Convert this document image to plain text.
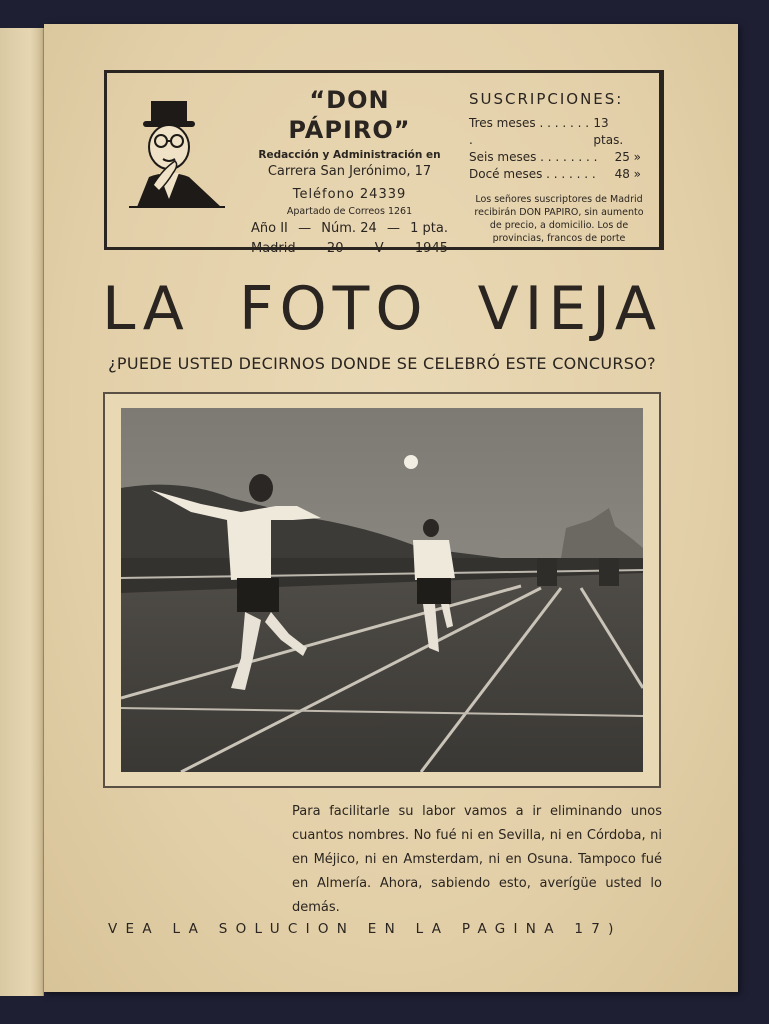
“DON PÁPIRO”
Redacción y Administración en
Carrera San Jerónimo, 17
Teléfono 24339
Apartado de Correos 1261
Año II — Núm. 24 — 1 pta.
Madrid - 20 - V - 1945
SUSCRIPCIONES:
Tres meses . . . . . . . .
13 ptas.
Seis meses . . . . . . . . 25 »
Docé meses . . . . . . . 48 »
Los señores suscriptores de Madrid recibirán DON PAPIRO, sin aumento de precio, a domicilio. Los de provincias, francos de porte
LA FOTO VIEJA
¿PUEDE USTED DECIRNOS DONDE SE CELEBRÓ ESTE CONCURSO?
Para facilitarle su labor vamos a ir eliminando unos cuantos nombres. No fué ni en Sevilla, ni en Córdoba, ni en Méjico, ni en Amsterdam, ni en Osuna. Tampoco fué en Almería. Ahora, sabiendo esto, averígüe usted lo demás.
VEA LA SOLUCION EN LA PAGINA 17)
